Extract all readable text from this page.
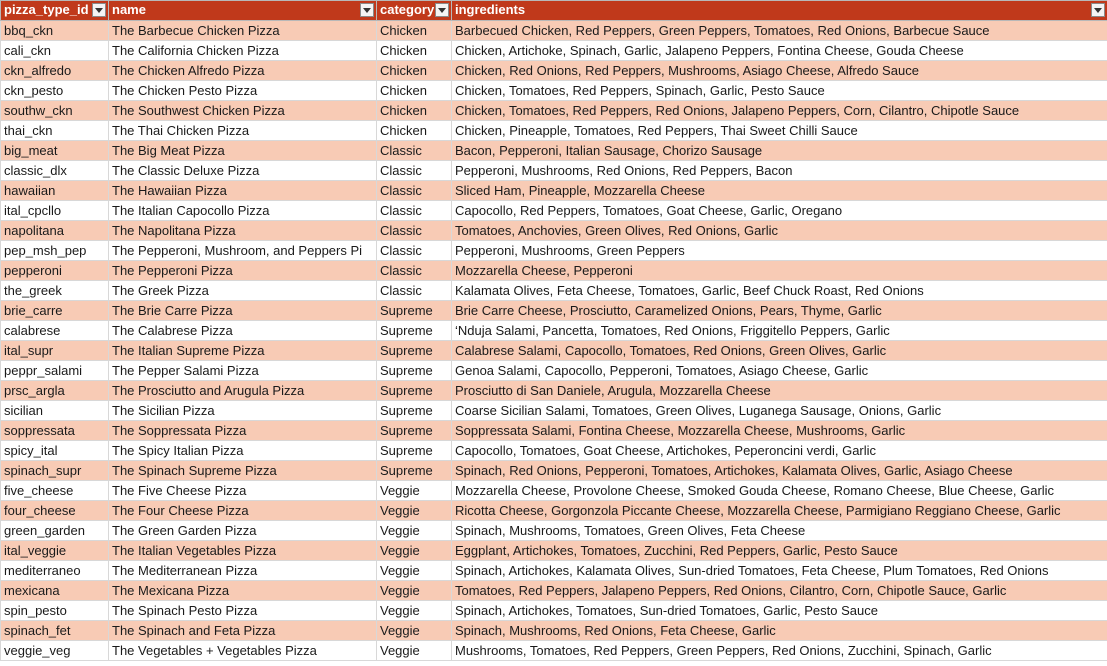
pizza_type_id	name	category	ingredients

bbq_ckn	The Barbecue Chicken Pizza	Chicken	Barbecued Chicken, Red Peppers, Green Peppers, Tomatoes, Red Onions, Barbecue Sauce
cali_ckn	The California Chicken Pizza	Chicken	Chicken, Artichoke, Spinach, Garlic, Jalapeno Peppers, Fontina Cheese, Gouda Cheese
ckn_alfredo	The Chicken Alfredo Pizza	Chicken	Chicken, Red Onions, Red Peppers, Mushrooms, Asiago Cheese, Alfredo Sauce
ckn_pesto	The Chicken Pesto Pizza	Chicken	Chicken, Tomatoes, Red Peppers, Spinach, Garlic, Pesto Sauce
southw_ckn	The Southwest Chicken Pizza	Chicken	Chicken, Tomatoes, Red Peppers, Red Onions, Jalapeno Peppers, Corn, Cilantro, Chipotle Sauce
thai_ckn	The Thai Chicken Pizza	Chicken	Chicken, Pineapple, Tomatoes, Red Peppers, Thai Sweet Chilli Sauce
big_meat	The Big Meat Pizza	Classic	Bacon, Pepperoni, Italian Sausage, Chorizo Sausage
classic_dlx	The Classic Deluxe Pizza	Classic	Pepperoni, Mushrooms, Red Onions, Red Peppers, Bacon
hawaiian	The Hawaiian Pizza	Classic	Sliced Ham, Pineapple, Mozzarella Cheese
ital_cpcllo	The Italian Capocollo Pizza	Classic	Capocollo, Red Peppers, Tomatoes, Goat Cheese, Garlic, Oregano
napolitana	The Napolitana Pizza	Classic	Tomatoes, Anchovies, Green Olives, Red Onions, Garlic
pep_msh_pep	The Pepperoni, Mushroom, and Peppers Pi	Classic	Pepperoni, Mushrooms, Green Peppers
pepperoni	The Pepperoni Pizza	Classic	Mozzarella Cheese, Pepperoni
the_greek	The Greek Pizza	Classic	Kalamata Olives, Feta Cheese, Tomatoes, Garlic, Beef Chuck Roast, Red Onions
brie_carre	The Brie Carre Pizza	Supreme	Brie Carre Cheese, Prosciutto, Caramelized Onions, Pears, Thyme, Garlic
calabrese	The Calabrese Pizza	Supreme	‘Nduja Salami, Pancetta, Tomatoes, Red Onions, Friggitello Peppers, Garlic
ital_supr	The Italian Supreme Pizza	Supreme	Calabrese Salami, Capocollo, Tomatoes, Red Onions, Green Olives, Garlic
peppr_salami	The Pepper Salami Pizza	Supreme	Genoa Salami, Capocollo, Pepperoni, Tomatoes, Asiago Cheese, Garlic
prsc_argla	The Prosciutto and Arugula Pizza	Supreme	Prosciutto di San Daniele, Arugula, Mozzarella Cheese
sicilian	The Sicilian Pizza	Supreme	Coarse Sicilian Salami, Tomatoes, Green Olives, Luganega Sausage, Onions, Garlic
soppressata	The Soppressata Pizza	Supreme	Soppressata Salami, Fontina Cheese, Mozzarella Cheese, Mushrooms, Garlic
spicy_ital	The Spicy Italian Pizza	Supreme	Capocollo, Tomatoes, Goat Cheese, Artichokes, Peperoncini verdi, Garlic
spinach_supr	The Spinach Supreme Pizza	Supreme	Spinach, Red Onions, Pepperoni, Tomatoes, Artichokes, Kalamata Olives, Garlic, Asiago Cheese
five_cheese	The Five Cheese Pizza	Veggie	Mozzarella Cheese, Provolone Cheese, Smoked Gouda Cheese, Romano Cheese, Blue Cheese, Garlic
four_cheese	The Four Cheese Pizza	Veggie	Ricotta Cheese, Gorgonzola Piccante Cheese, Mozzarella Cheese, Parmigiano Reggiano Cheese, Garlic
green_garden	The Green Garden Pizza	Veggie	Spinach, Mushrooms, Tomatoes, Green Olives, Feta Cheese
ital_veggie	The Italian Vegetables Pizza	Veggie	Eggplant, Artichokes, Tomatoes, Zucchini, Red Peppers, Garlic, Pesto Sauce
mediterraneo	The Mediterranean Pizza	Veggie	Spinach, Artichokes, Kalamata Olives, Sun-dried Tomatoes, Feta Cheese, Plum Tomatoes, Red Onions
mexicana	The Mexicana Pizza	Veggie	Tomatoes, Red Peppers, Jalapeno Peppers, Red Onions, Cilantro, Corn, Chipotle Sauce, Garlic
spin_pesto	The Spinach Pesto Pizza	Veggie	Spinach, Artichokes, Tomatoes, Sun-dried Tomatoes, Garlic, Pesto Sauce
spinach_fet	The Spinach and Feta Pizza	Veggie	Spinach, Mushrooms, Red Onions, Feta Cheese, Garlic
veggie_veg	The Vegetables + Vegetables Pizza	Veggie	Mushrooms, Tomatoes, Red Peppers, Green Peppers, Red Onions, Zucchini, Spinach, Garlic
